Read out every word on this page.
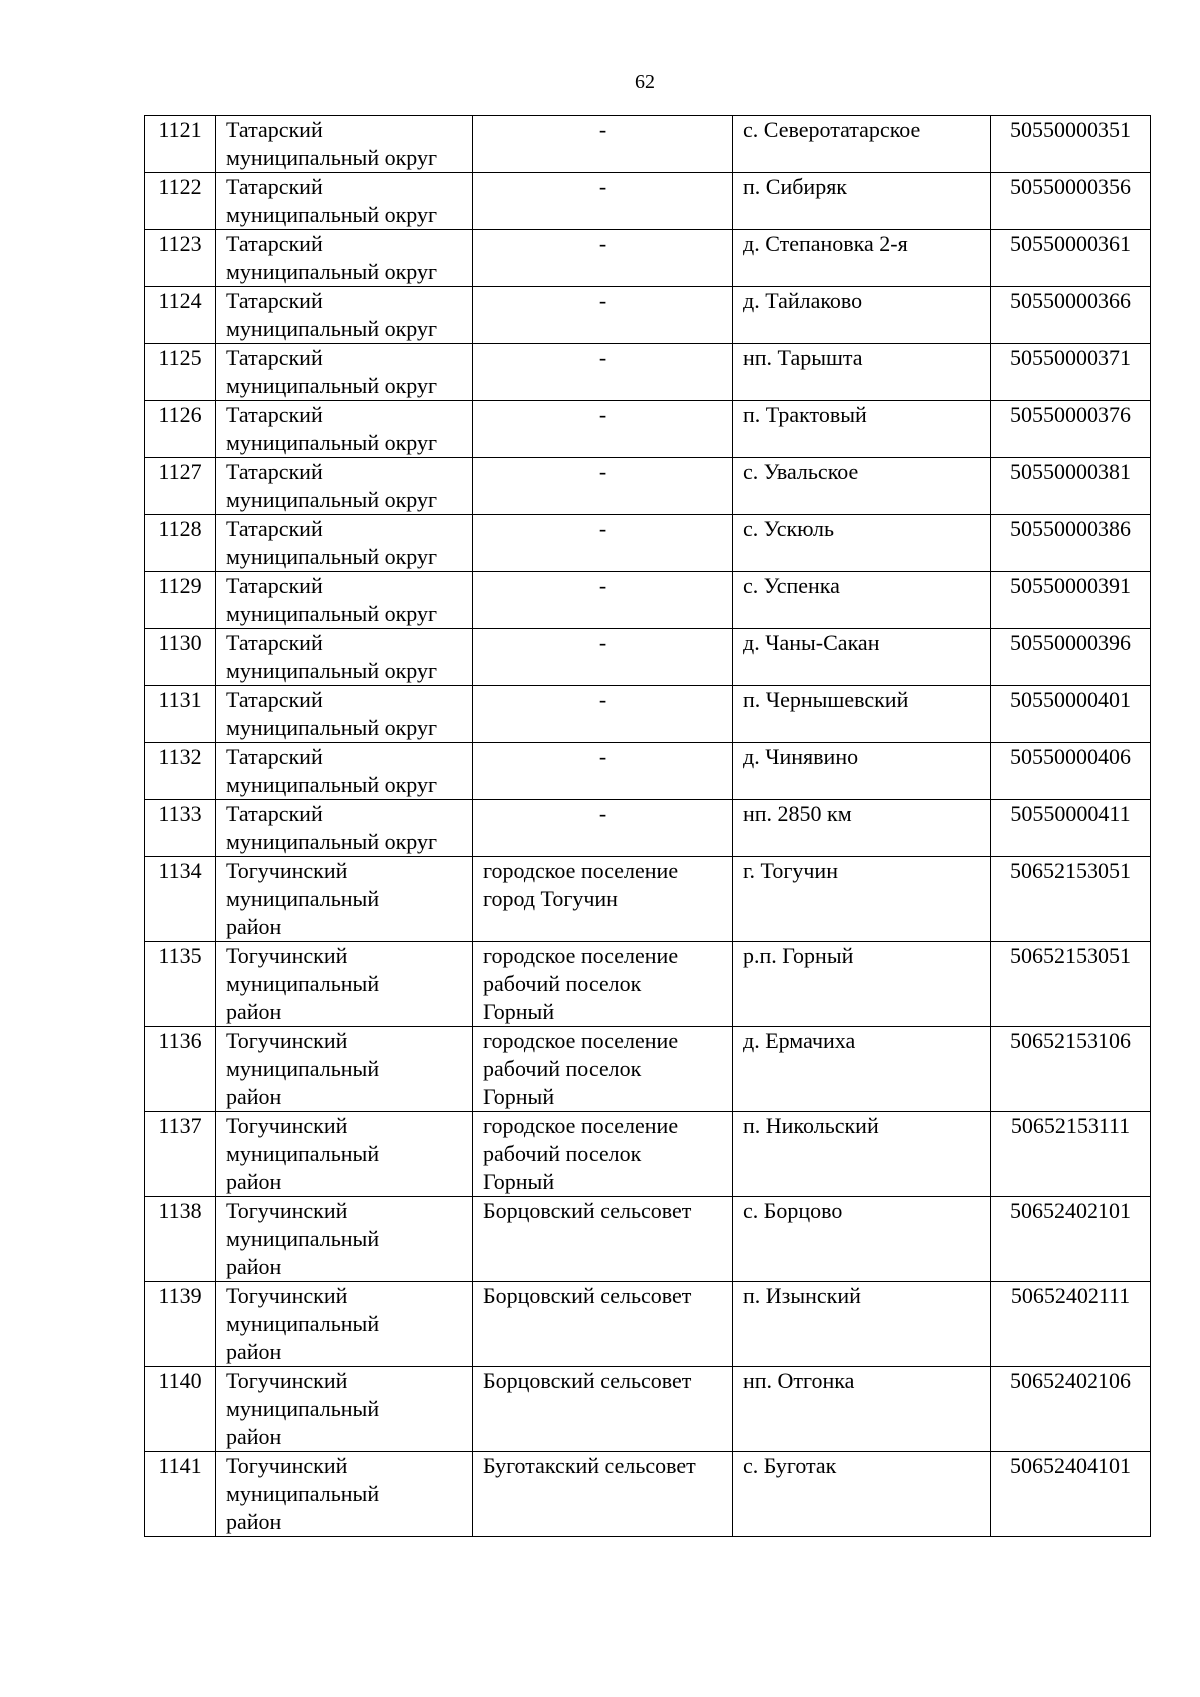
62
1121	Татарский
муниципальный округ	-	с. Северотатарское	50550000351
1122	Татарский
муниципальный округ	-	п. Сибиряк	50550000356
1123	Татарский
муниципальный округ	-	д. Степановка 2-я	50550000361
1124	Татарский
муниципальный округ	-	д. Тайлаково	50550000366
1125	Татарский
муниципальный округ	-	нп. Тарышта	50550000371
1126	Татарский
муниципальный округ	-	п. Трактовый	50550000376
1127	Татарский
муниципальный округ	-	с. Увальское	50550000381
1128	Татарский
муниципальный округ	-	с. Ускюль	50550000386
1129	Татарский
муниципальный округ	-	с. Успенка	50550000391
1130	Татарский
муниципальный округ	-	д. Чаны-Сакан	50550000396
1131	Татарский
муниципальный округ	-	п. Чернышевский	50550000401
1132	Татарский
муниципальный округ	-	д. Чинявино	50550000406
1133	Татарский
муниципальный округ	-	нп. 2850 км	50550000411
1134	Тогучинский
муниципальный
район	городское поселение
город Тогучин	г. Тогучин	50652153051
1135	Тогучинский
муниципальный
район	городское поселение
рабочий поселок
Горный	р.п. Горный	50652153051
1136	Тогучинский
муниципальный
район	городское поселение
рабочий поселок
Горный	д. Ермачиха	50652153106
1137	Тогучинский
муниципальный
район	городское поселение
рабочий поселок
Горный	п. Никольский	50652153111
1138	Тогучинский
муниципальный
район	Борцовский сельсовет	с. Борцово	50652402101
1139	Тогучинский
муниципальный
район	Борцовский сельсовет	п. Изынский	50652402111
1140	Тогучинский
муниципальный
район	Борцовский сельсовет	нп. Отгонка	50652402106
1141	Тогучинский
муниципальный
район	Буготакский сельсовет	с. Буготак	50652404101
